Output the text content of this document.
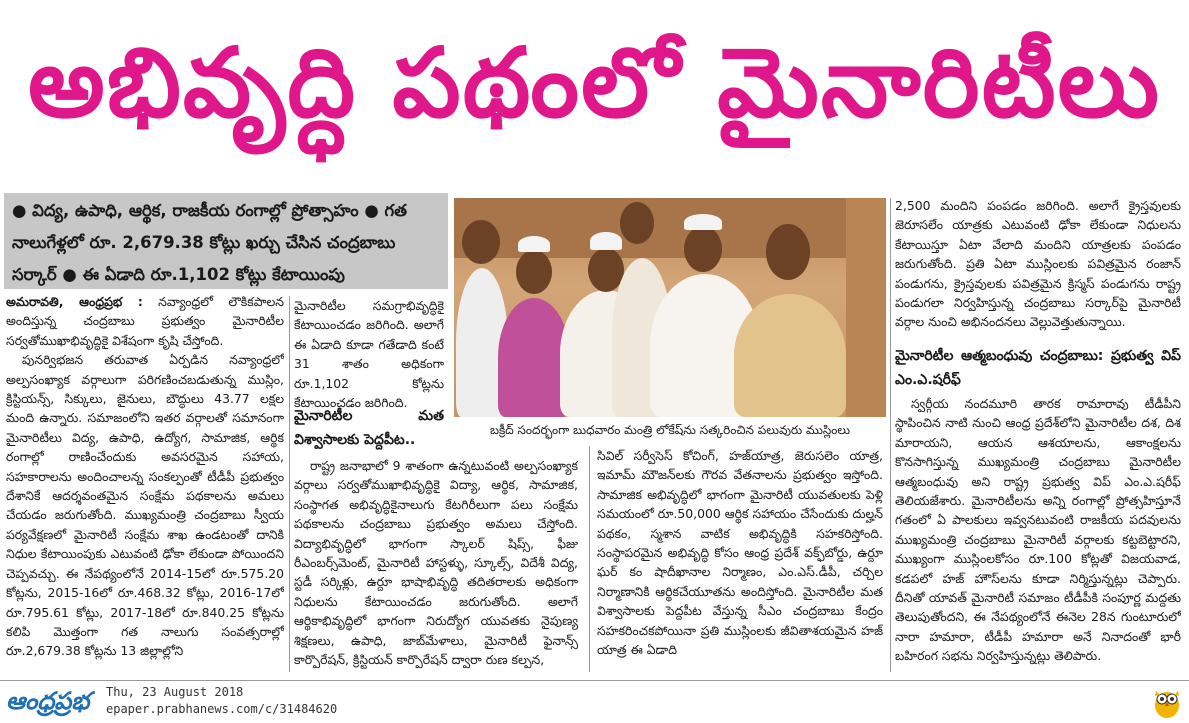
అభివృద్ధి పథంలో మైనారిటీలు
● విద్య, ఉపాధి, ఆర్థిక, రాజకీయ రంగాల్లో ప్రోత్సాహం ● గత నాలుగేళ్లలో రూ. 2,679.38 కోట్లు ఖర్చు చేసిన చంద్రబాబు సర్కార్ ● ఈ ఏడాది రూ.1,102 కోట్లు కేటాయింపు

అమరావతి, ఆంధ్రప్రభ : నవ్యాంధ్రలో లౌకికపాలన అందిస్తున్న చంద్రబాబు ప్రభుత్వం మైనారిటీల సర్వతోముఖాభివృద్ధికై విశేషంగా కృషి చేస్తోంది.

పునర్విభజన తరువాత ఏర్పడిన నవ్యాంధ్రలో అల్పసంఖ్యాక వర్గాలుగా పరిగణించబడుతున్న ముస్లిం, క్రిస్టియన్స్, సిక్కులు, జైనులు, బౌద్ధులు 43.77 లక్షల మంది ఉన్నారు. సమాజంలోని ఇతర వర్గాలతో సమానంగా మైనారిటీలు విద్య, ఉపాధి, ఉద్యోగ, సామాజిక, ఆర్థిక రంగాల్లో రాణించేందుకు అవసరమైన సహాయ, సహకారాలను అందించాలన్న సంకల్పంతో టీడీపీ ప్రభుత్వం దేశానికే ఆదర్శవంతమైన సంక్షేమ పథకాలను అమలు చేయడం జరుగుతోంది. ముఖ్యమంత్రి చంద్రబాబు స్వీయ పర్యవేక్షణలో మైనారిటీ సంక్షేమ శాఖ ఉండటంతో దానికి నిధుల కేటాయింపుకు ఎటువంటి ఢోకా లేకుండా పోయిందని చెప్పవచ్చు. ఈ నేపథ్యంలోనే 2014-15లో రూ.575.20 కోట్లను, 2015-16లో రూ.468.32 కోట్లు, 2016-17లో రూ.795.61 కోట్లు, 2017-18లో రూ.840.25 కోట్లను కలిపి మొత్తంగా గత నాలుగు సంవత్సరాల్లో రూ.2,679.38 కోట్లను 13 జిల్లాల్లోని

మైనారిటీల సమగ్రాభివృద్ధికై కేటాయించడం జరిగింది. అలాగే ఈ ఏడాది కూడా గతేడాది కంటే 31 శాతం అధికంగా రూ.1,102 కోట్లను కేటాయించడం జరిగింది.

మైనారిటీల మత విశ్వాసాలకు పెద్దపీట..

రాష్ట్ర జనాభాలో 9 శాతంగా ఉన్నటువంటి అల్పసంఖ్యాక వర్గాలు సర్వతోముఖాభివృద్ధికై విద్యా, ఆర్థిక, సామాజిక, సంస్థాగత అభివృద్ధికైనాలుగు కేటగిరీలుగా పలు సంక్షేమ పథకాలను చంద్రబాబు ప్రభుత్వం అమలు చేస్తోంది. విద్యాభివృద్ధిలో భాగంగా స్కాలర్ షిప్స్, ఫీజు రీఎంబర్స్‌మెంట్, మైనారిటీ హాస్టళ్ళు, స్కూల్స్, విదేశీ విద్య, స్టడీ సర్కిళ్లు, ఉర్దూ భాషాభివృద్ధి తదితరాలకు అధికంగా నిధులను కేటాయించడం జరుగుతోంది. అలాగే ఆర్థికాభివృద్ధిలో భాగంగా నిరుద్యోగ యువతకు నైపుణ్య శిక్షణలు, ఉపాధి, జాబ్‌మేళాలు, మైనారిటీ ఫైనాన్స్ కార్పొరేషన్, క్రిస్టియన్ కార్పొరేషన్ ద్వారా రుణ కల్పన,

బక్రీద్ సందర్భంగా బుధవారం మంత్రి లోకేష్‌ను సత్కరించిన పలువురు ముస్లింలు

సివిల్ సర్వీసెస్ కోచింగ్, హజ్‌యాత్ర, జెరుసలెం యాత్ర, ఇమామ్ మౌజన్‌లకు గౌరవ వేతనాలను ప్రభుత్వం ఇస్తోంది. సామాజిక అభివృద్ధిలో భాగంగా మైనారిటీ యువతులకు పెళ్లి సమయంలో రూ.50,000 ఆర్థిక సహాయం చేసేందుకు దుల్హన్ పథకం, స్మశాన వాటిక అభివృద్ధికి సహకరిస్తోంది. సంస్థాపరమైన అభివృద్ధి కోసం ఆంధ్ర ప్రదేశ్ వక్ఫ్‌బోర్డు, ఉర్దూ ఘర్ కం షాదీఖానాల నిర్మాణం, ఎం.ఎస్.డీపీ, చర్చిల నిర్మాణానికి ఆర్థికచేయూతను అందిస్తోంది. మైనారిటీల మత విశ్వాసాలకు పెద్దపీట వేస్తున్న సీఎం చంద్రబాబు కేంద్రం సహకరించకపోయినా ప్రతి ముస్లింలకు జీవితాశయమైన హజ్ యాత్ర ఈ ఏడాది

2,500 మందిని పంపడం జరిగింది. అలాగే క్రైస్తవులకు జెరూసలేం యాత్రకు ఎటువంటి ఢోకా లేకుండా నిధులను కేటాయిస్తూ ఏటా వేలాది మందిని యాత్రలకు పంపడం జరుగుతోంది. ప్రతి ఏటా ముస్లింలకు పవిత్రమైన రంజాన్ పండుగను, క్రైస్తవులకు పవిత్రమైన క్రిస్మస్ పండుగను రాష్ట్ర పండుగలా నిర్వహిస్తున్న చంద్రబాబు సర్కార్‌పై మైనారిటీ వర్గాల నుంచి అభినందనలు వెల్లువెత్తుతున్నాయి.

మైనారిటీల ఆత్మబంధువు చంద్రబాబు: ప్రభుత్వ విప్ ఎం.ఎ.షరీఫ్

స్వర్గీయ నందమూరి తారక రామారావు టీడీపీని స్థాపించిన నాటి నుంచి ఆంధ్ర ప్రదేశ్‌లోని మైనారిటీల దశ, దిశ మారాయని, ఆయన ఆశయాలను, ఆకాంక్షలను కొనసాగిస్తున్న ముఖ్యమంత్రి చంద్రబాబు మైనారిటీల ఆత్మబంధువు అని రాష్ట్ర ప్రభుత్వ విప్ ఎం.ఎ.షరీఫ్ తెలియజేశారు. మైనారిటీలను అన్ని రంగాల్లో ప్రోత్సహిస్తూనే గతంలో ఏ పాలకులు ఇవ్వనటువంటి రాజకీయ పదవులను ముఖ్యమంత్రి చంద్రబాబు మైనారిటీ వర్గాలకు కట్టబెట్టారని, ముఖ్యంగా ముస్లింలకోసం రూ.100 కోట్లతో విజయవాడ, కడపలో హజ్ హౌస్‌లను కూడా నిర్మిస్తున్నట్లు చెప్పారు. దీనితో యావత్ మైనారిటీ సమాజం టీడీపీకి సంపూర్ణ మద్దతు తెలుపుతోందని, ఈ నేపథ్యంలోనే ఈనెల 28న గుంటూరులో నారా హమారా, టీడీపీ హమారా అనే నినాదంతో భారీ బహిరంగ సభను నిర్వహిస్తున్నట్లు తెలిపారు.

ఆంధ్రప్రభ Thu, 23 August 2018
epaper.prabhanews.com/c/31484620
